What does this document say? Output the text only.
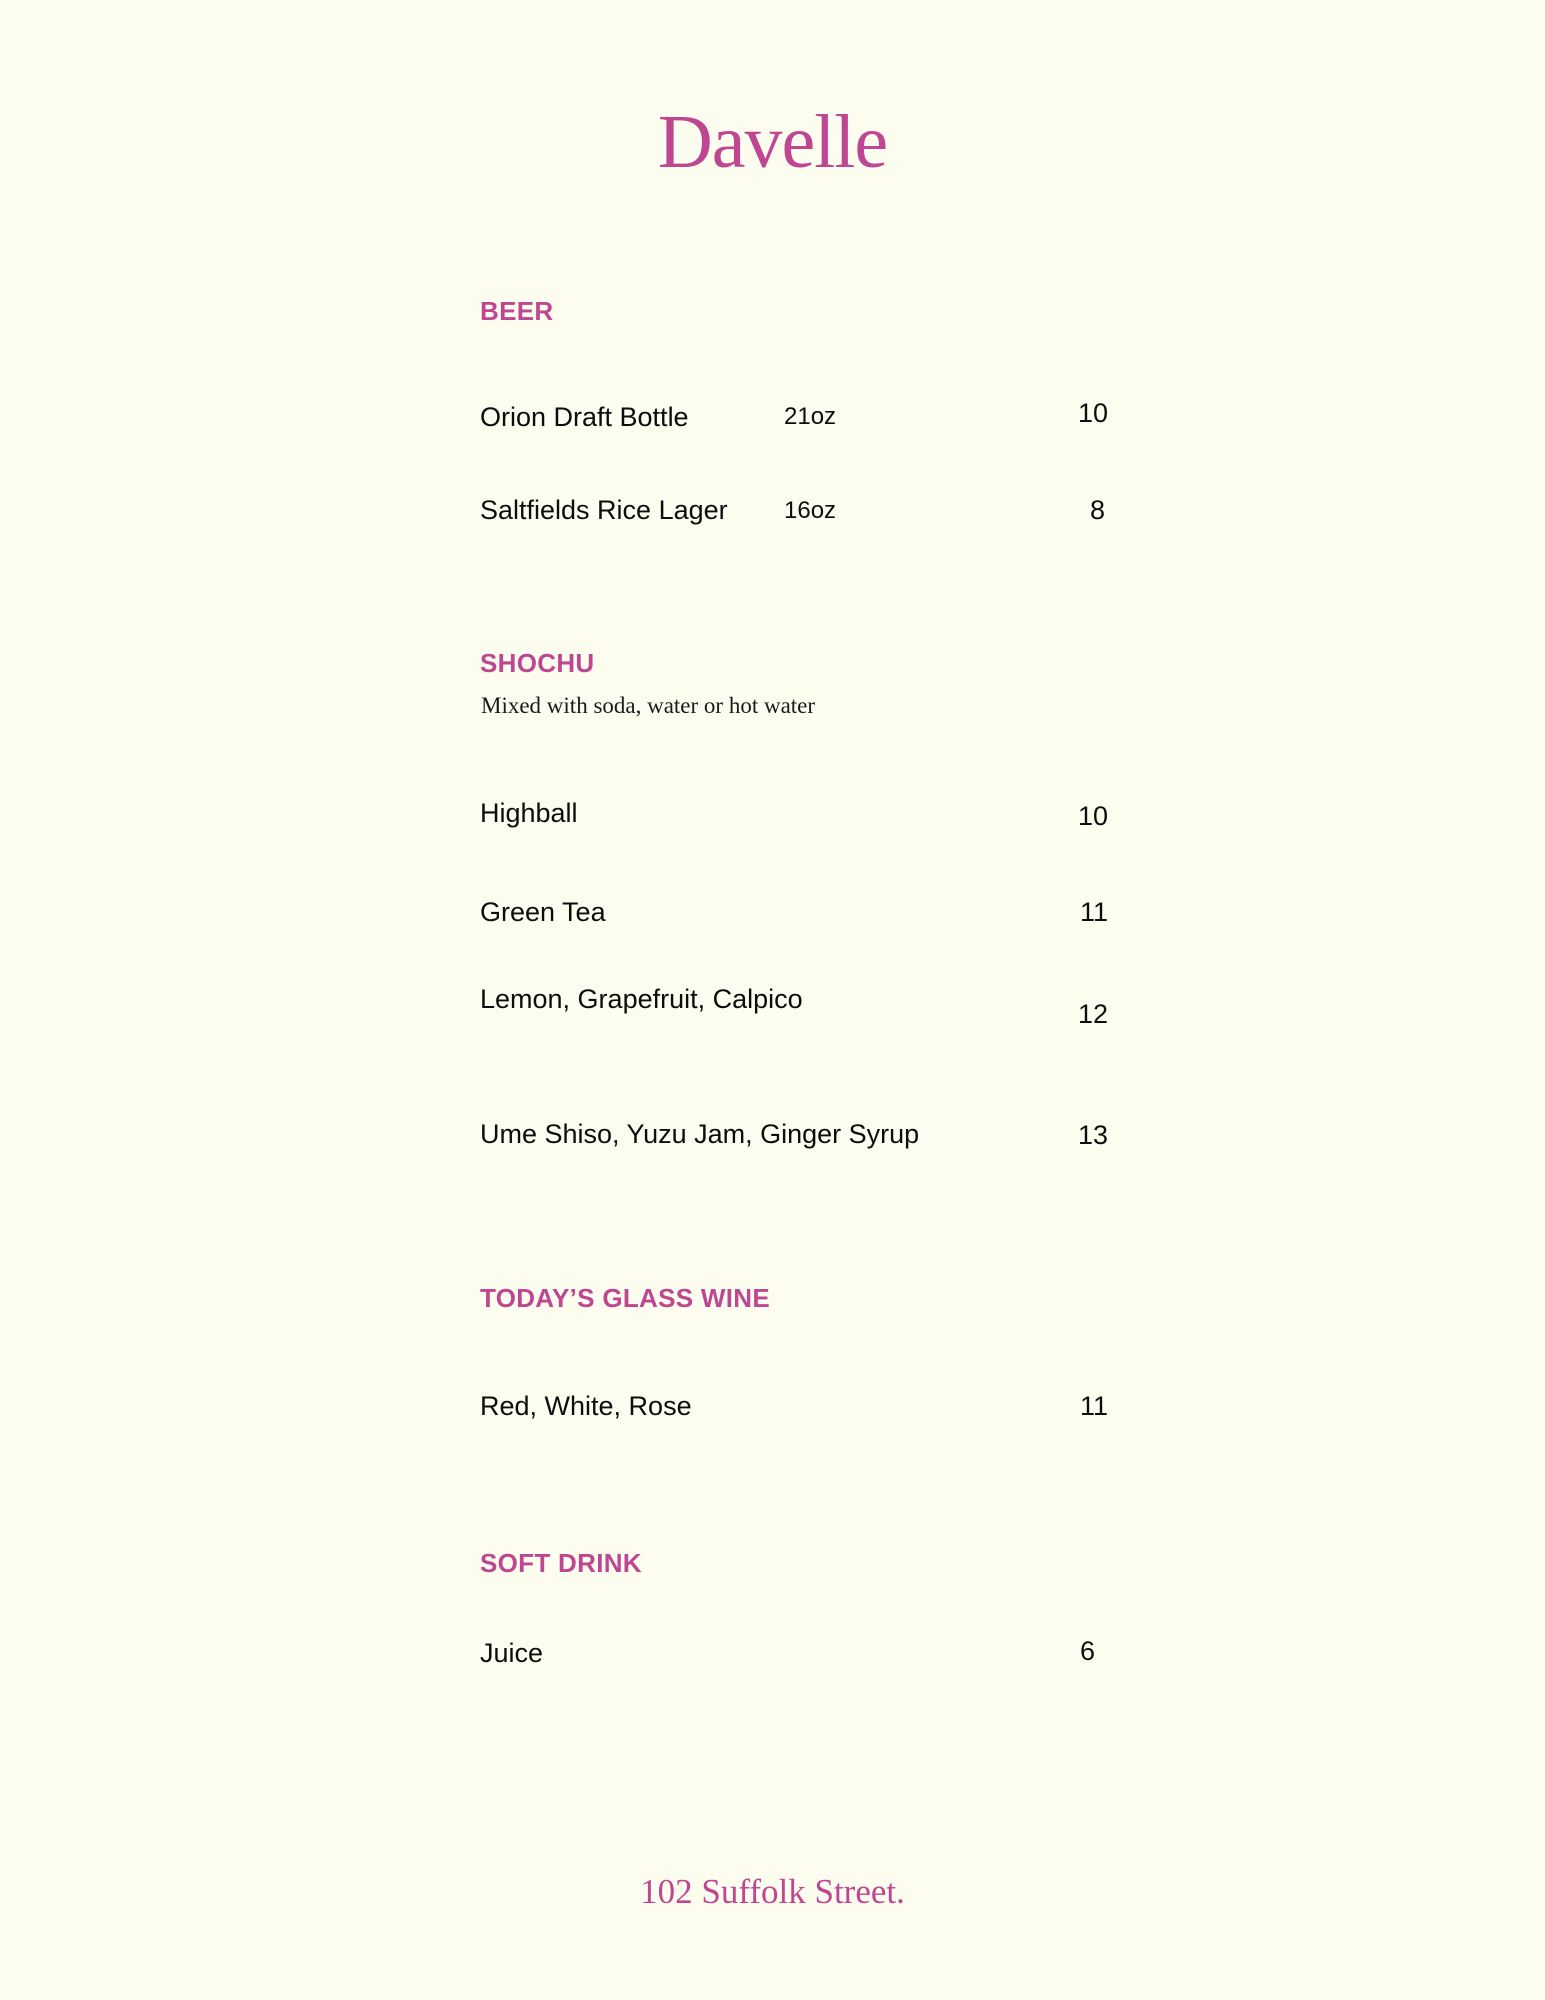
Davelle
BEER
Orion Draft Bottle	21oz	10
Saltfields Rice Lager 16oz	8
SHOCHU
Mixed with soda, water or hot water
Highball	10
Green Tea	11
Lemon, Grapefruit, Calpico	12
Ume Shiso, Yuzu Jam, Ginger Syrup	13
TODAY’S GLASS WINE
Red, White, Rose	11
SOFT DRINK
Juice	6
102 Suffolk Street.
